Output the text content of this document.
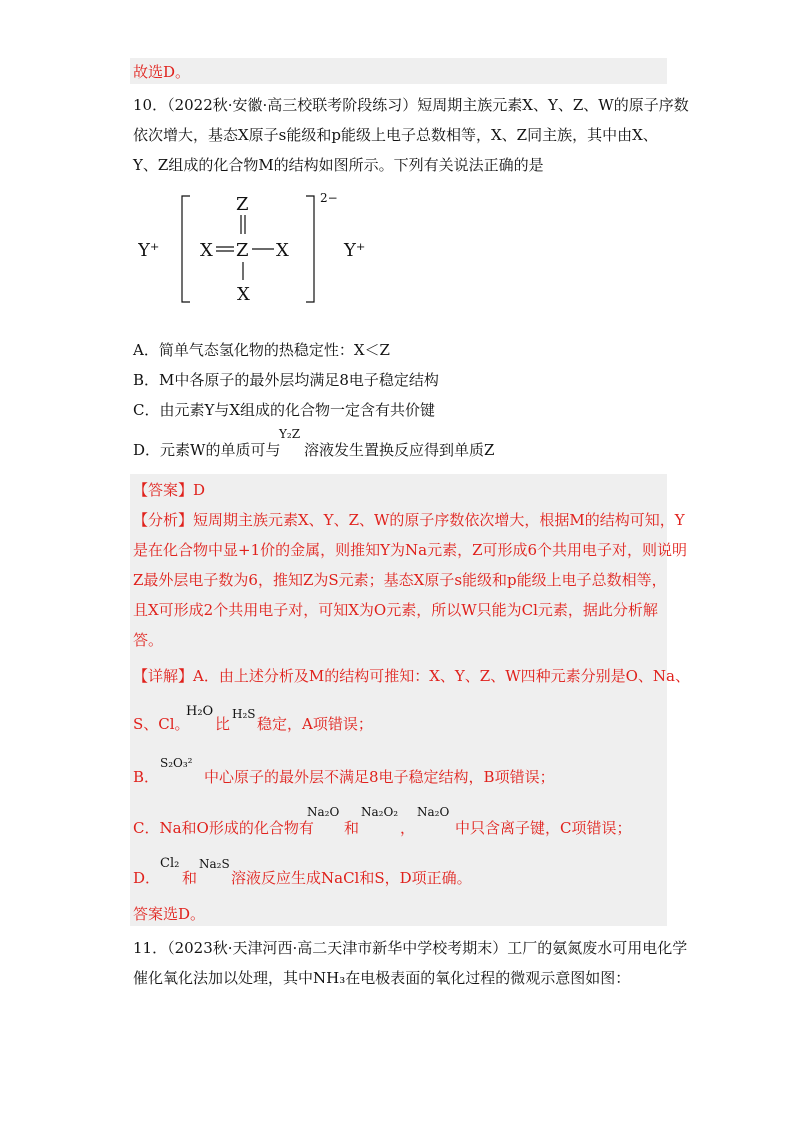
故选D。
10．（2022秋·安徽·高三校联考阶段练习）短周期主族元素X、Y、Z、W的原子序数
依次增大，基态X原子s能级和p能级上电子总数相等，X、Z同主族，其中由X、
Y、Z组成的化合物M的结构如图所示。下列有关说法正确的是
Y⁺
Z
X Z X
X
2−
Y⁺
A．简单气态氢化物的热稳定性：X＜Z
B．M中各原子的最外层均满足8电子稳定结构
C．由元素Y与X组成的化合物一定含有共价键
D．元素W的单质可与
Y₂Z
溶液发生置换反应得到单质Z
【答案】D
【分析】短周期主族元素X、Y、Z、W的原子序数依次增大，根据M的结构可知，Y
是在化合物中显+1价的金属，则推知Y为Na元素，Z可形成6个共用电子对，则说明
Z最外层电子数为6，推知Z为S元素；基态X原子s能级和p能级上电子总数相等，
且X可形成2个共用电子对，可知X为O元素，所以W只能为Cl元素，据此分析解
答。
【详解】A．由上述分析及M的结构可推知：X、Y、Z、W四种元素分别是O、Na、
S、Cl。
H₂O
比
H₂S
稳定，A项错误；
B．
S₂O₃²
中心原子的最外层不满足8电子稳定结构，B项错误；
C．Na和O形成的化合物有
Na₂O
和
Na₂O₂
，
Na₂O
中只含离子键，C项错误；
D．
Cl₂
和
Na₂S
溶液反应生成NaCl和S，D项正确。
答案选D。
11．（2023秋·天津河西·高二天津市新华中学校考期末）工厂的氨氮废水可用电化学
催化氧化法加以处理，其中NH₃在电极表面的氧化过程的微观示意图如图：
